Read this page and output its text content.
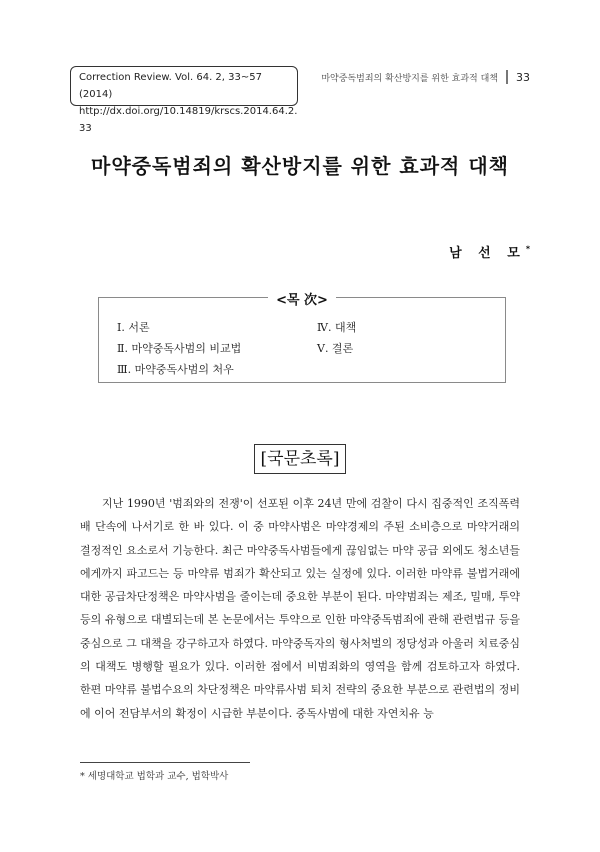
Correction Review. Vol. 64. 2, 33~57 (2014)
http://dx.doi.org/10.14819/krscs.2014.64.2. 33
마약중독범죄의 확산방지를 위한 효과적 대책 33
마약중독범죄의 확산방지를 위한 효과적 대책
남 선 모*
<목 次>
Ⅰ. 서론
Ⅱ. 마약중독사범의 비교법
Ⅲ. 마약중독사범의 처우
Ⅳ. 대책
Ⅴ. 결론
[국문초록]
지난 1990년 '범죄와의 전쟁'이 선포된 이후 24년 만에 검찰이 다시 집중적인 조직폭력배 단속에 나서기로 한 바 있다. 이 중 마약사범은 마약경제의 주된 소비층으로 마약거래의 결정적인 요소로서 기능한다. 최근 마약중독사범들에게 끊임없는 마약 공급 외에도 청소년들에게까지 파고드는 등 마약류 범죄가 확산되고 있는 실정에 있다. 이러한 마약류 불법거래에 대한 공급차단정책은 마약사범을 줄이는데 중요한 부분이 된다. 마약범죄는 제조, 밀매, 투약 등의 유형으로 대별되는데 본 논문에서는 투약으로 인한 마약중독범죄에 관해 관련법규 등을 중심으로 그 대책을 강구하고자 하였다. 마약중독자의 형사처벌의 정당성과 아울러 치료중심의 대책도 병행할 필요가 있다. 이러한 점에서 비범죄화의 영역을 함께 검토하고자 하였다. 한편 마약류 불법수요의 차단정책은 마약류사범 퇴치 전략의 중요한 부분으로 관련법의 정비에 이어 전담부서의 확정이 시급한 부분이다. 중독사범에 대한 자연치유 능
* 세명대학교 법학과 교수, 법학박사
